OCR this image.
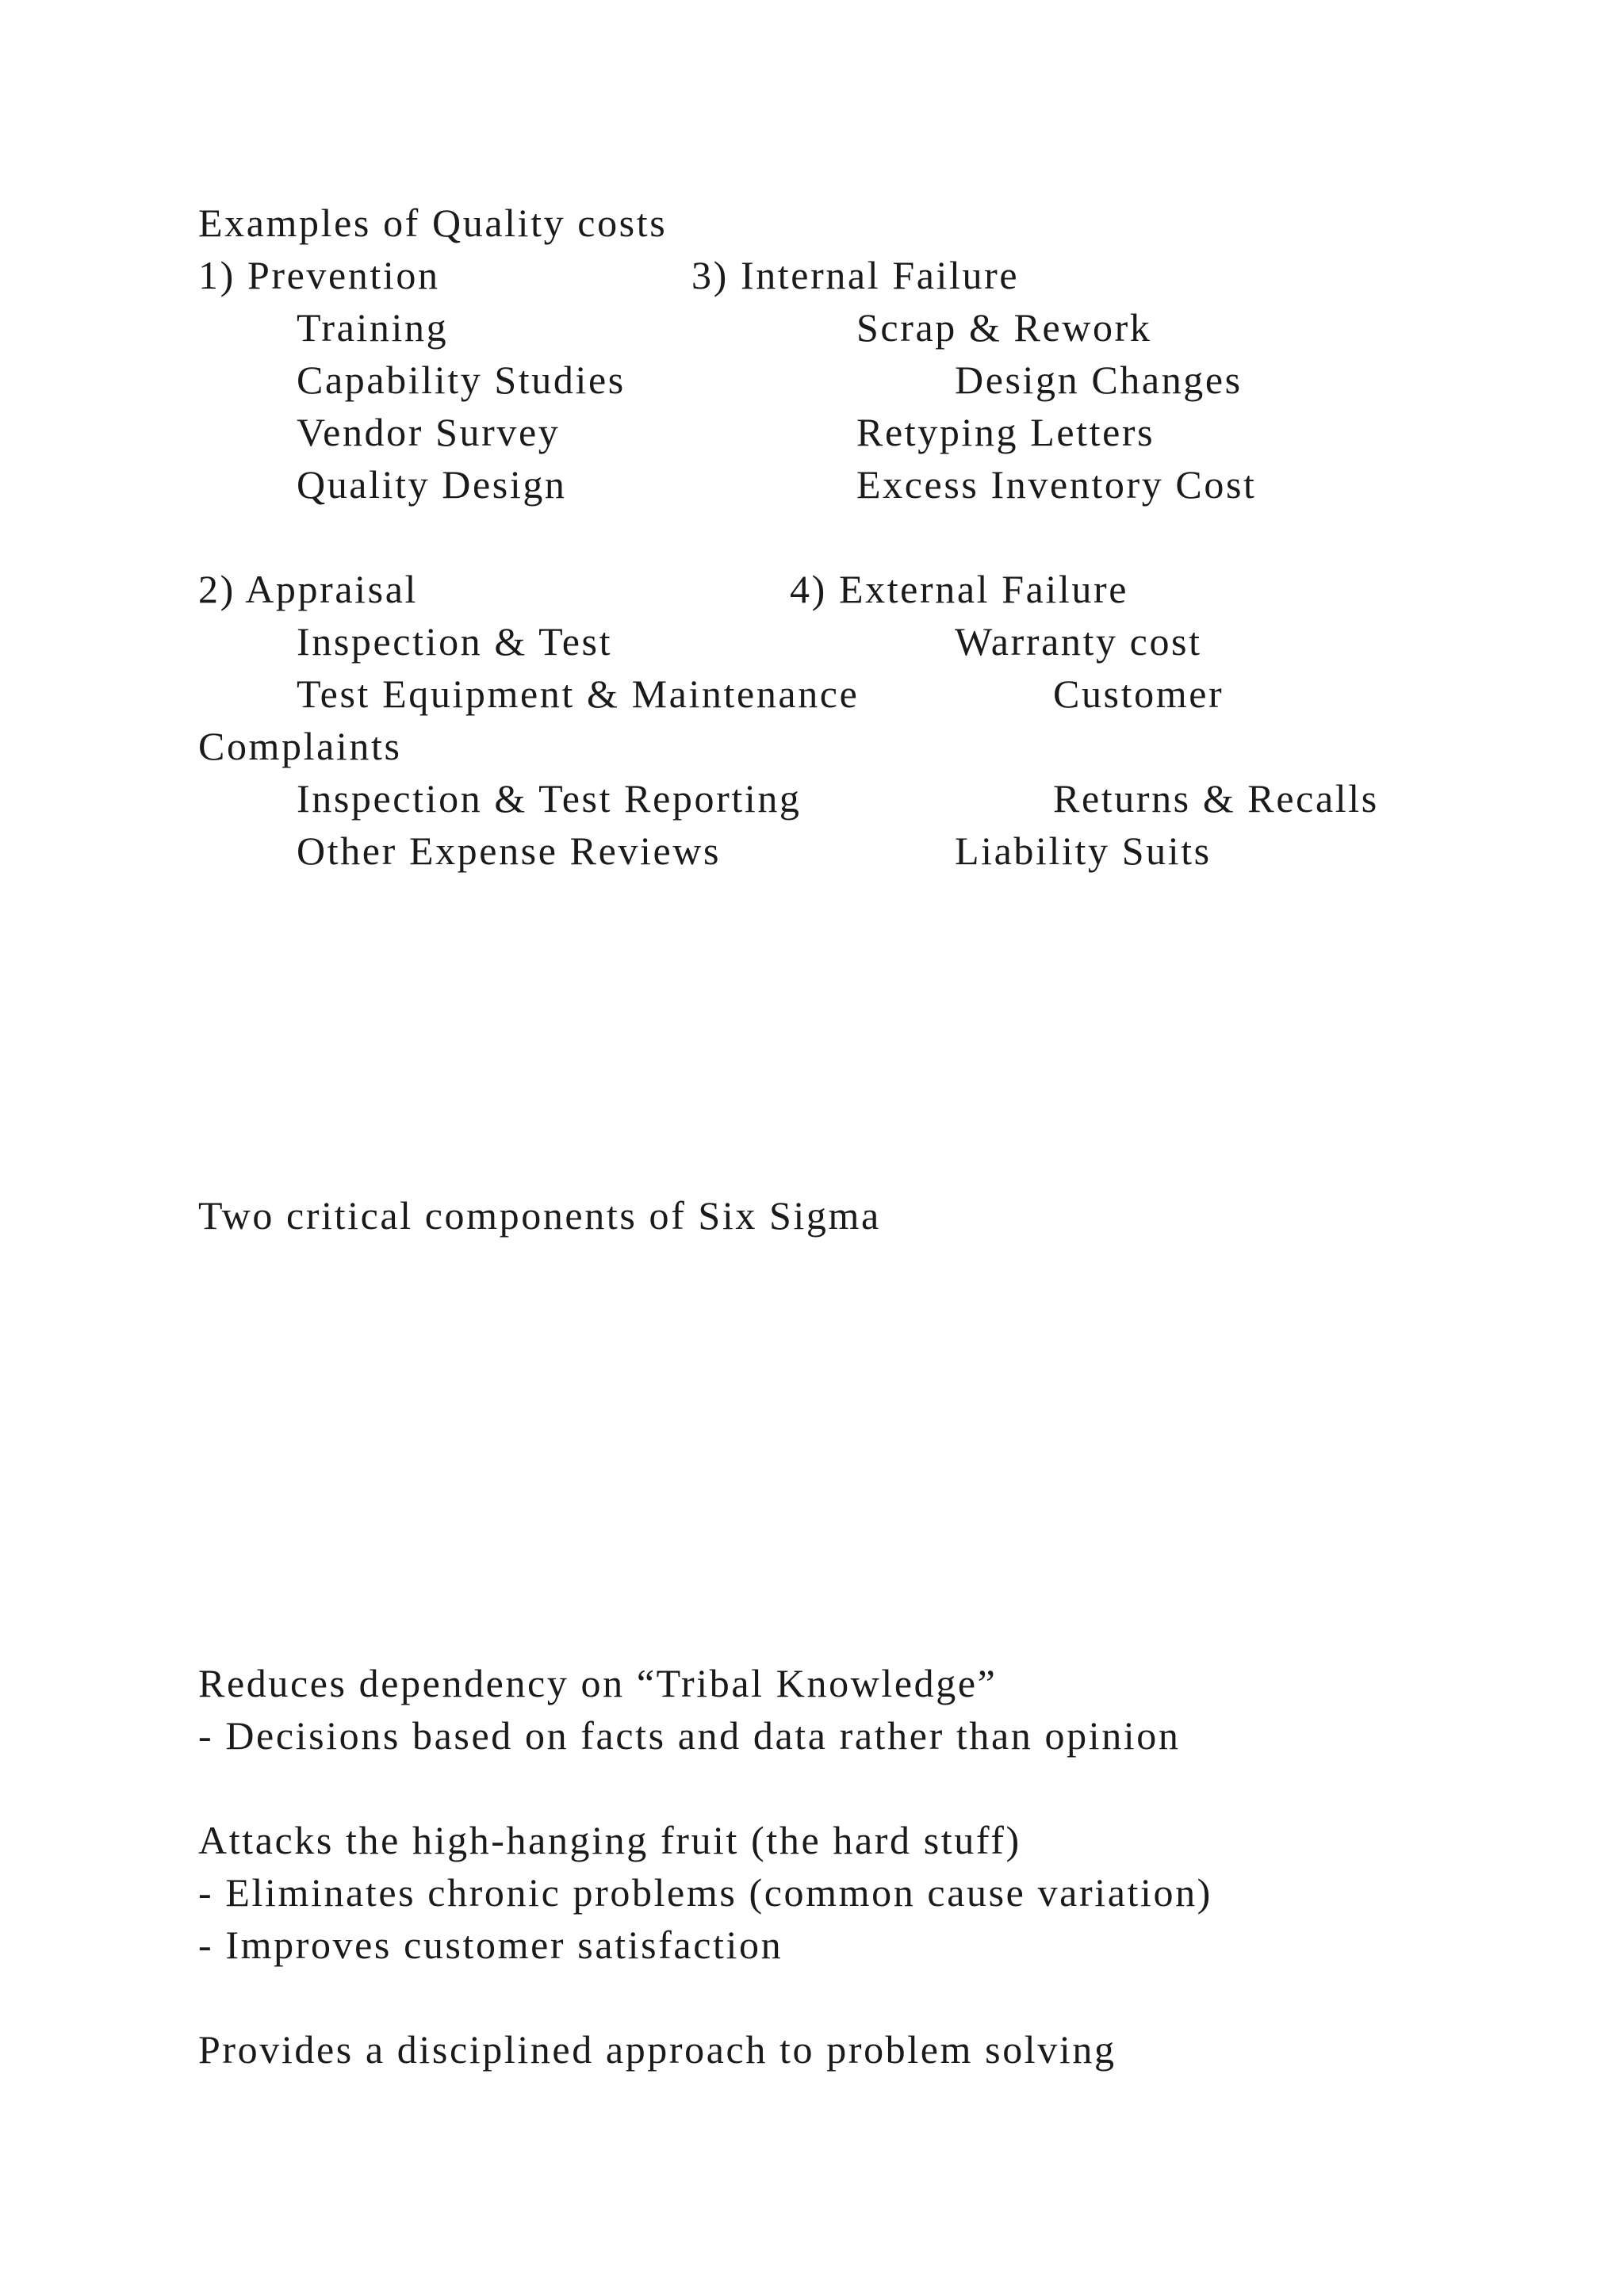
Examples of Quality costs

1) Prevention

Training

Capability Studies

Vendor Survey

Quality Design

3) Internal Failure

Scrap & Rework

Design Changes

Retyping Letters

Excess Inventory Cost

2) Appraisal

Inspection & Test

Test Equipment & Maintenance

Inspection & Test Reporting

Other Expense Reviews

4) External Failure

Warranty cost

Customer

Complaints

Returns & Recalls

Liability Suits

Two critical components of Six Sigma

Reduces dependency on “Tribal Knowledge”

- Decisions based on facts and data rather than opinion

Attacks the high-hanging fruit (the hard stuff)

- Eliminates chronic problems (common cause variation)

- Improves customer satisfaction

Provides a disciplined approach to problem solving
